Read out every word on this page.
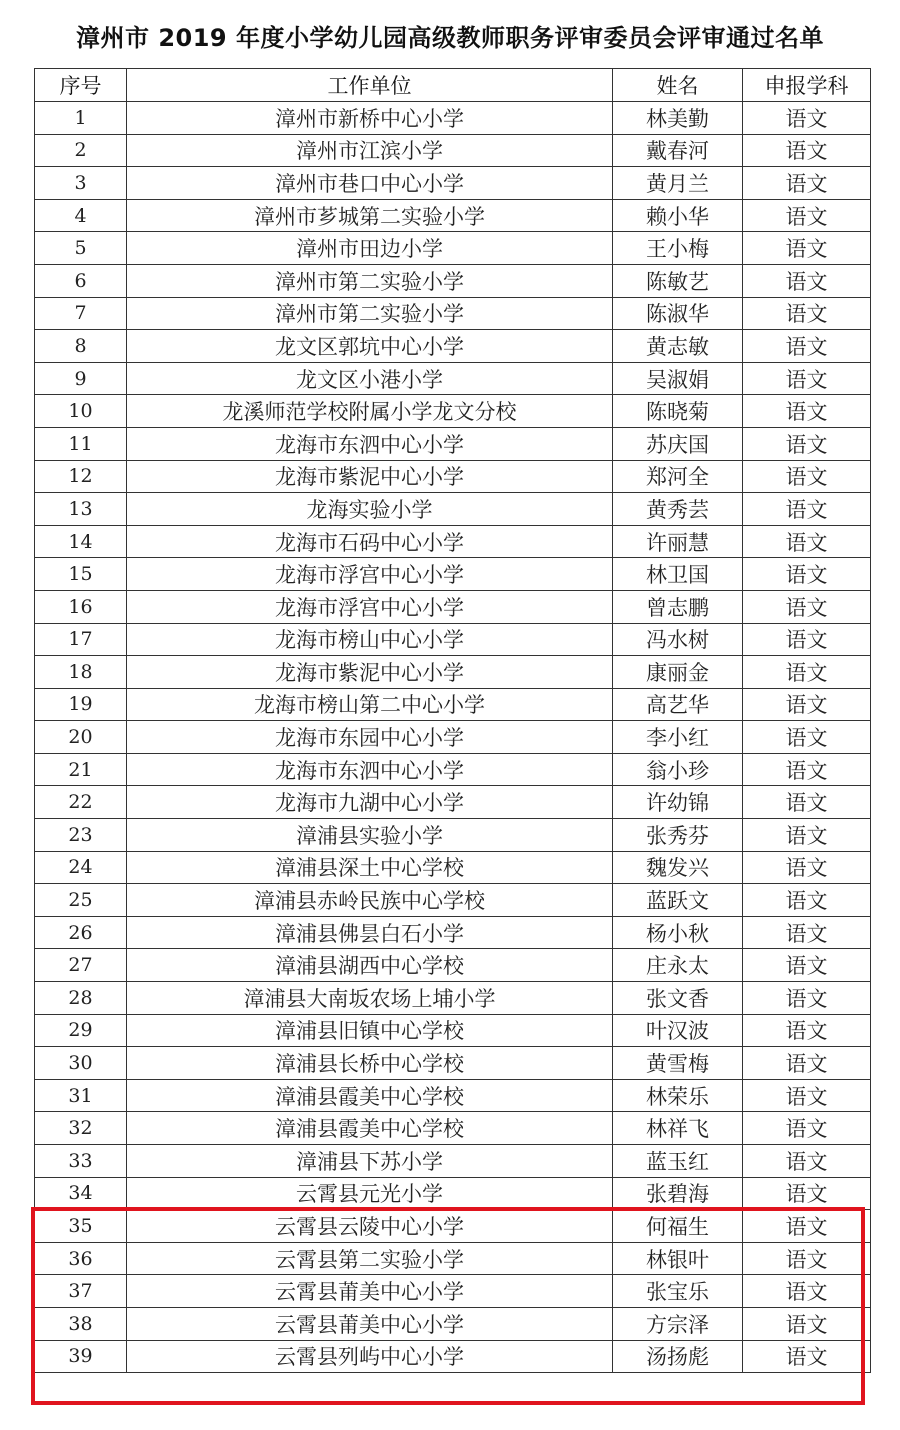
漳州市 2019 年度小学幼儿园高级教师职务评审委员会评审通过名单
序号	工作单位	姓名	申报学科
1	漳州市新桥中心小学	林美勤	语文
2	漳州市江滨小学	戴春河	语文
3	漳州市巷口中心小学	黄月兰	语文
4	漳州市芗城第二实验小学	赖小华	语文
5	漳州市田边小学	王小梅	语文
6	漳州市第二实验小学	陈敏艺	语文
7	漳州市第二实验小学	陈淑华	语文
8	龙文区郭坑中心小学	黄志敏	语文
9	龙文区小港小学	吴淑娟	语文
10	龙溪师范学校附属小学龙文分校	陈晓菊	语文
11	龙海市东泗中心小学	苏庆国	语文
12	龙海市紫泥中心小学	郑河全	语文
13	龙海实验小学	黄秀芸	语文
14	龙海市石码中心小学	许丽慧	语文
15	龙海市浮宫中心小学	林卫国	语文
16	龙海市浮宫中心小学	曾志鹏	语文
17	龙海市榜山中心小学	冯水树	语文
18	龙海市紫泥中心小学	康丽金	语文
19	龙海市榜山第二中心小学	高艺华	语文
20	龙海市东园中心小学	李小红	语文
21	龙海市东泗中心小学	翁小珍	语文
22	龙海市九湖中心小学	许幼锦	语文
23	漳浦县实验小学	张秀芬	语文
24	漳浦县深土中心学校	魏发兴	语文
25	漳浦县赤岭民族中心学校	蓝跃文	语文
26	漳浦县佛昙白石小学	杨小秋	语文
27	漳浦县湖西中心学校	庄永太	语文
28	漳浦县大南坂农场上埔小学	张文香	语文
29	漳浦县旧镇中心学校	叶汉波	语文
30	漳浦县长桥中心学校	黄雪梅	语文
31	漳浦县霞美中心学校	林荣乐	语文
32	漳浦县霞美中心学校	林祥飞	语文
33	漳浦县下苏小学	蓝玉红	语文
34	云霄县元光小学	张碧海	语文
35	云霄县云陵中心小学	何福生	语文
36	云霄县第二实验小学	林银叶	语文
37	云霄县莆美中心小学	张宝乐	语文
38	云霄县莆美中心小学	方宗泽	语文
39	云霄县列屿中心小学	汤扬彪	语文
